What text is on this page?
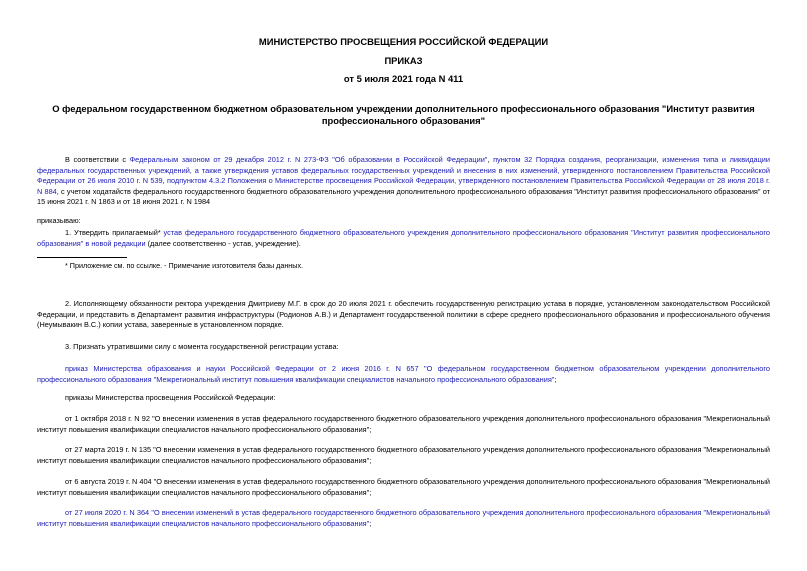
МИНИСТЕРСТВО ПРОСВЕЩЕНИЯ РОССИЙСКОЙ ФЕДЕРАЦИИ

ПРИКАЗ

от 5 июля 2021 года N 411

О федеральном государственном бюджетном образовательном учреждении дополнительного профессионального образования "Институт развития профессионального образования"

В соответствии с Федеральным законом от 29 декабря 2012 г. N 273-ФЗ "Об образовании в Российской Федерации", пунктом 32 Порядка создания, реорганизации, изменения типа и ликвидации федеральных государственных учреждений, а также утверждения уставов федеральных государственных учреждений и внесения в них изменений, утвержденного постановлением Правительства Российской Федерации от 26 июля 2010 г. N 539, подпунктом 4.3.2 Положения о Министерстве просвещения Российской Федерации, утвержденного постановлением Правительства Российской Федерации от 28 июля 2018 г. N 884, с учетом ходатайств федерального государственного бюджетного образовательного учреждения дополнительного профессионального образования "Институт развития профессионального образования" от 15 июня 2021 г. N 1863 и от 18 июня 2021 г. N 1984

приказываю:

1. Утвердить прилагаемый* устав федерального государственного бюджетного образовательного учреждения дополнительного профессионального образования "Институт развития профессионального образования" в новой редакции (далее соответственно - устав, учреждение).

* Приложение см. по ссылке. - Примечание изготовителя базы данных.

2. Исполняющему обязанности ректора учреждения Дмитриеву М.Г. в срок до 20 июля 2021 г. обеспечить государственную регистрацию устава в порядке, установленном законодательством Российской Федерации, и представить в Департамент развития инфраструктуры (Родионов А.В.) и Департамент государственной политики в сфере среднего профессионального образования и профессионального обучения (Неумывакин В.С.) копии устава, заверенные в установленном порядке.

3. Признать утратившими силу с момента государственной регистрации устава:

приказ Министерства образования и науки Российской Федерации от 2 июня 2016 г. N 657 "О федеральном государственном бюджетном образовательном учреждении дополнительного профессионального образования "Межрегиональный институт повышения квалификации специалистов начального профессионального образования";

приказы Министерства просвещения Российской Федерации:

от 1 октября 2018 г. N 92 "О внесении изменения в устав федерального государственного бюджетного образовательного учреждения дополнительного профессионального образования "Межрегиональный институт повышения квалификации специалистов начального профессионального образования";

от 27 марта 2019 г. N 135 "О внесении изменения в устав федерального государственного бюджетного образовательного учреждения дополнительного профессионального образования "Межрегиональный институт повышения квалификации специалистов начального профессионального образования";

от 6 августа 2019 г. N 404 "О внесении изменения в устав федерального государственного бюджетного образовательного учреждения дополнительного профессионального образования "Межрегиональный институт повышения квалификации специалистов начального профессионального образования";

от 27 июля 2020 г. N 364 "О внесении изменений в устав федерального государственного бюджетного образовательного учреждения дополнительного профессионального образования "Межрегиональный институт повышения квалификации специалистов начального профессионального образования";
